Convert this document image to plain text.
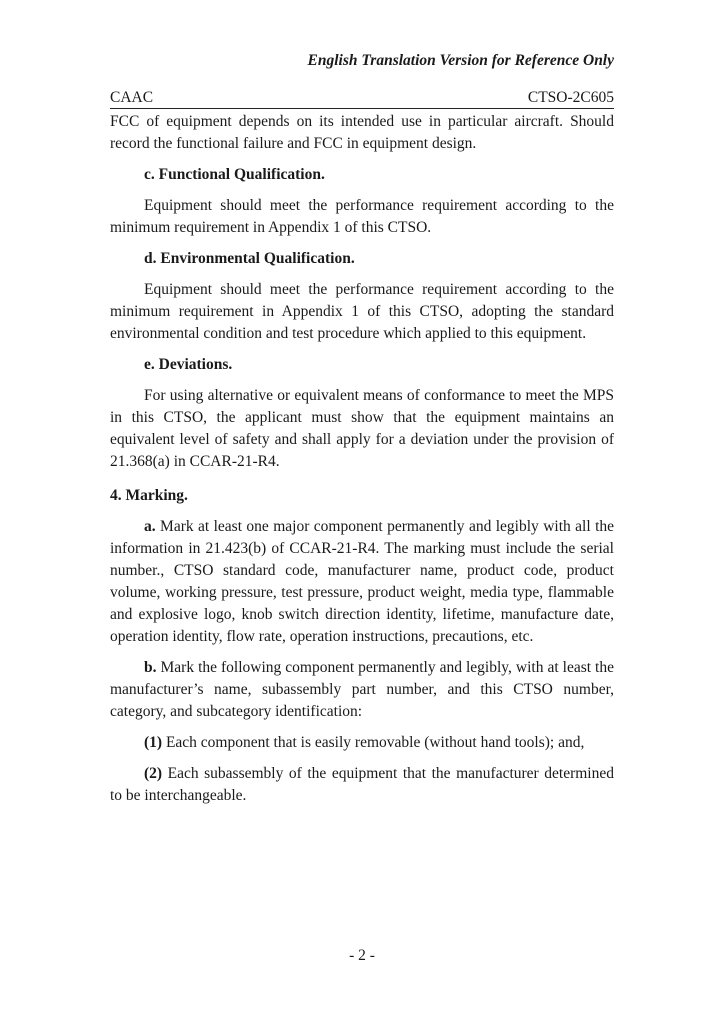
English Translation Version for Reference Only
CAAC	CTSO-2C605

FCC of equipment depends on its intended use in particular aircraft. Should record the functional failure and FCC in equipment design.

c. Functional Qualification.

Equipment should meet the performance requirement according to the minimum requirement in Appendix 1 of this CTSO.

d. Environmental Qualification.

Equipment should meet the performance requirement according to the minimum requirement in Appendix 1 of this CTSO, adopting the standard environmental condition and test procedure which applied to this equipment.

e. Deviations.

For using alternative or equivalent means of conformance to meet the MPS in this CTSO, the applicant must show that the equipment maintains an equivalent level of safety and shall apply for a deviation under the provision of 21.368(a) in CCAR-21-R4.

4. Marking.

a. Mark at least one major component permanently and legibly with all the information in 21.423(b) of CCAR-21-R4. The marking must include the serial number., CTSO standard code, manufacturer name, product code, product volume, working pressure, test pressure, product weight, media type, flammable and explosive logo, knob switch direction identity, lifetime, manufacture date, operation identity, flow rate, operation instructions, precautions, etc.

b. Mark the following component permanently and legibly, with at least the manufacturer’s name, subassembly part number, and this CTSO number, category, and subcategory identification:

(1) Each component that is easily removable (without hand tools); and,

(2) Each subassembly of the equipment that the manufacturer determined to be interchangeable.

- 2 -
